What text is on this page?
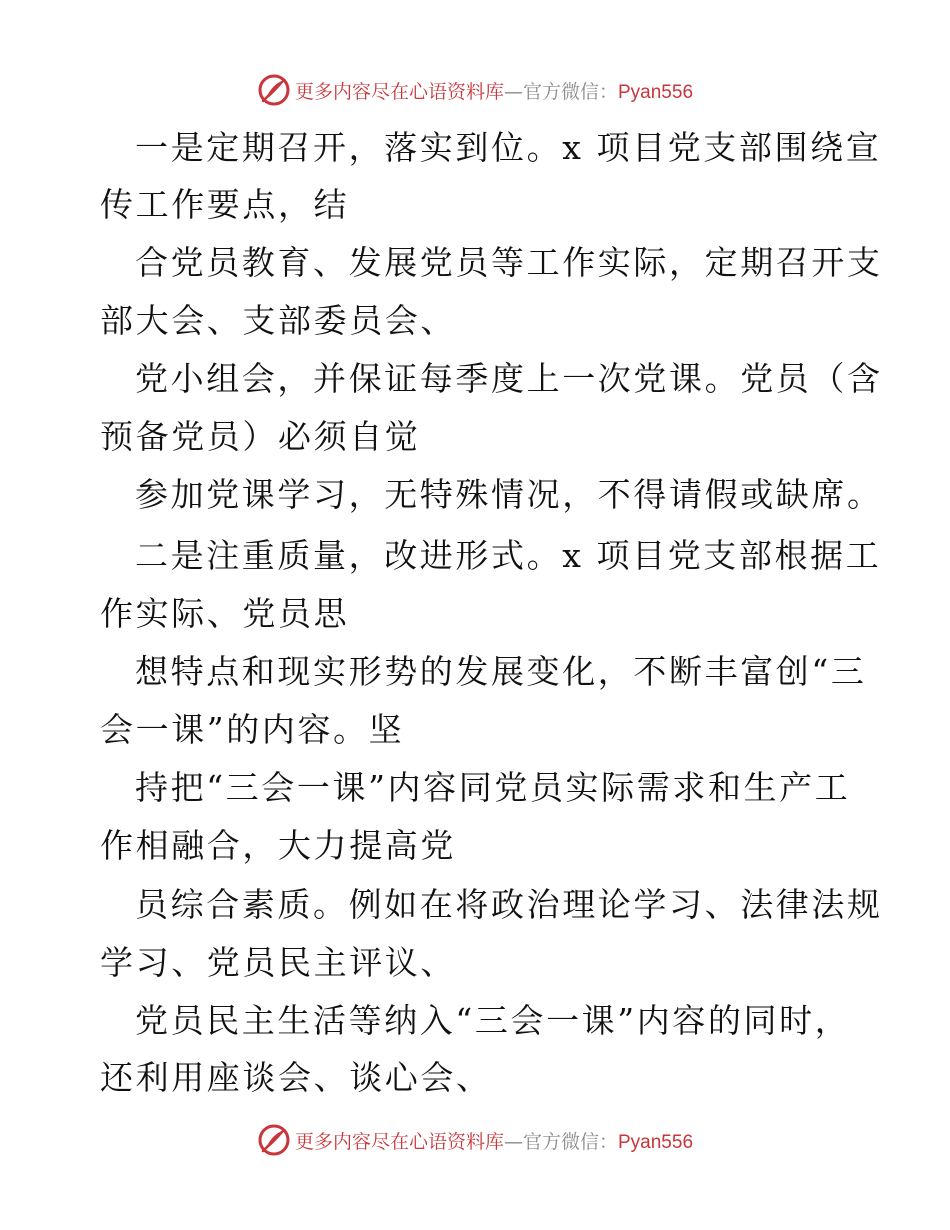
更多内容尽在心语资料库—官方微信：Pyan556
一是定期召开，落实到位。x 项目党支部围绕宣
传工作要点，结
合党员教育、发展党员等工作实际，定期召开支
部大会、支部委员会、
党小组会，并保证每季度上一次党课。党员（含
预备党员）必须自觉
参加党课学习，无特殊情况，不得请假或缺席。
二是注重质量，改进形式。x 项目党支部根据工
作实际、党员思
想特点和现实形势的发展变化，不断丰富创“三
会一课”的内容。坚
持把“三会一课”内容同党员实际需求和生产工
作相融合，大力提高党
员综合素质。例如在将政治理论学习、法律法规
学习、党员民主评议、
党员民主生活等纳入“三会一课”内容的同时，
还利用座谈会、谈心会、
更多内容尽在心语资料库—官方微信：Pyan556
